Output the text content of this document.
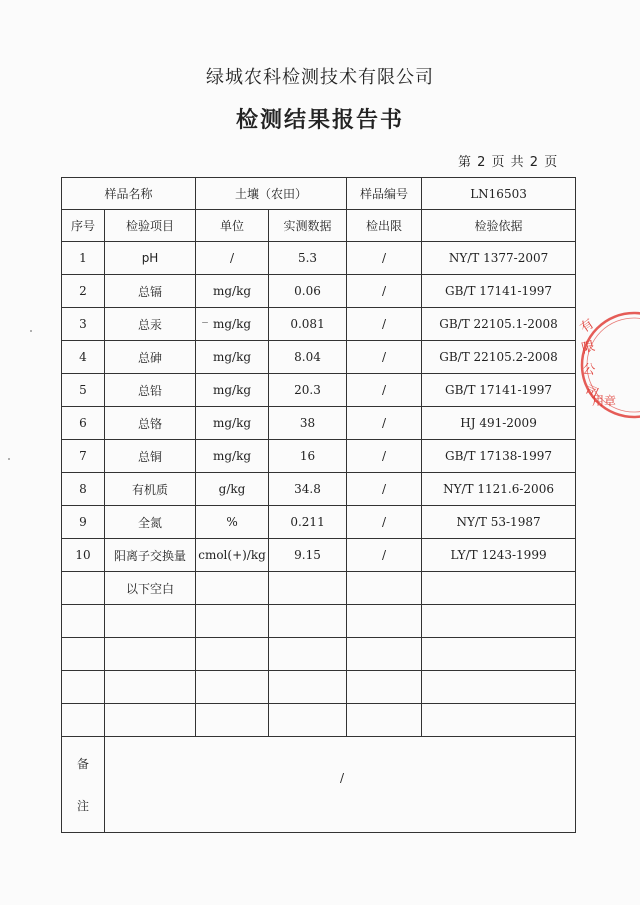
绿城农科检测技术有限公司
检测结果报告书
第 2 页 共 2 页
样品名称		土壤（农田）		样品编号	LN16503
序号	检验项目	单位	实测数据	检出限	检验依据
1	pH	/	5.3	/	NY/T 1377-2007
2	总镉	mg/kg	0.06	/	GB/T 17141-1997
3	总汞	mg/kg	0.081	/	GB/T 22105.1-2008
4	总砷	mg/kg	8.04	/	GB/T 22105.2-2008
5	总铅	mg/kg	20.3	/	GB/T 17141-1997
6	总铬	mg/kg	38	/	HJ 491-2009
7	总铜	mg/kg	16	/	GB/T 17138-1997
8	有机质	g/kg	34.8	/	NY/T 1121.6-2006
9	全氮	%	0.211	/	NY/T 53-1987
10	阳离子交换量	cmol(+)/kg	9.15	/	LY/T 1243-1999
	以下空白				

备
注	/				
有
限
公
司
用章
